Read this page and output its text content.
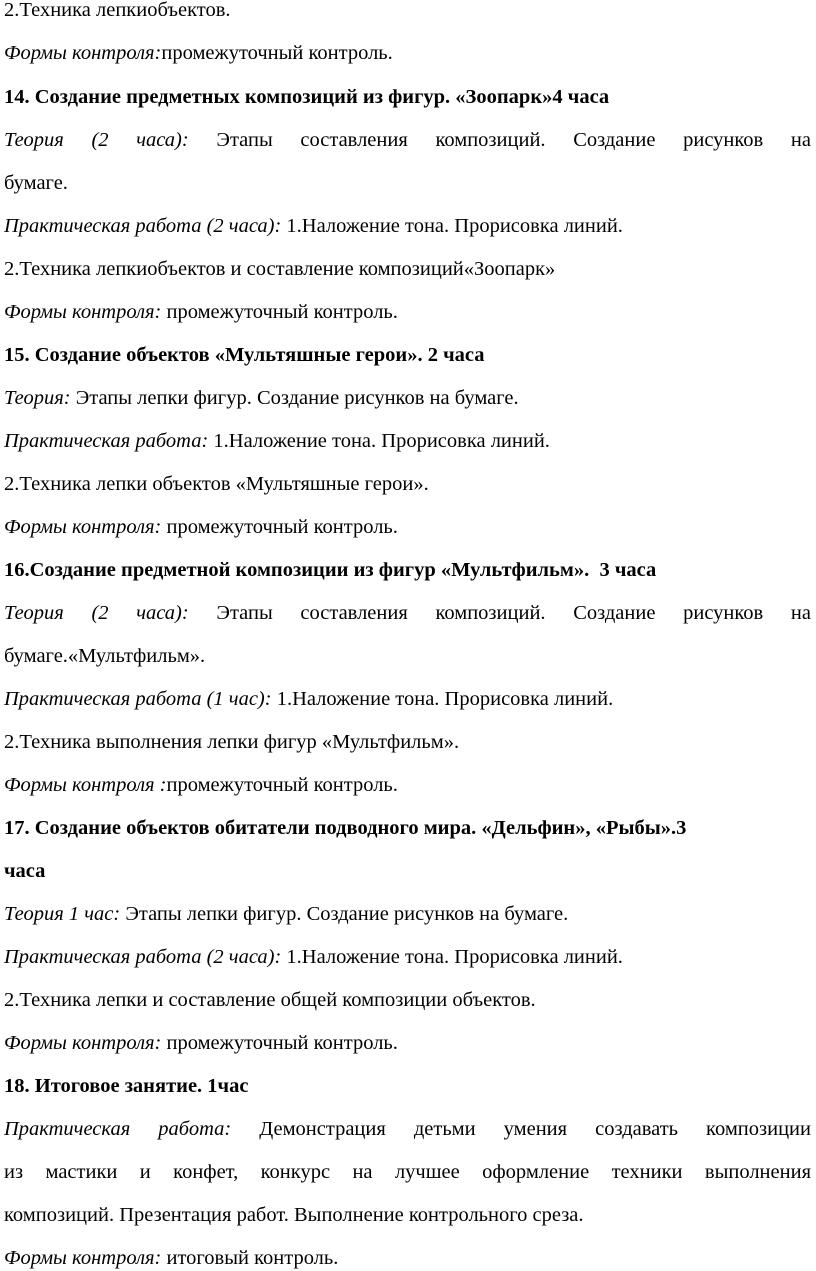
2.Техника лепкиобъектов.
Формы контроля:промежуточный контроль.
14. Создание предметных композиций из фигур. «Зоопарк»4 часа
Теория (2 часа): Этапы составления композиций. Создание рисунков на
бумаге.
Практическая работа (2 часа): 1.Наложение тона. Прорисовка линий.
2.Техника лепкиобъектов и составление композиций«Зоопарк»
Формы контроля: промежуточный контроль.
15. Создание объектов «Мультяшные герои». 2 часа
Теория: Этапы лепки фигур. Создание рисунков на бумаге.
Практическая работа: 1.Наложение тона. Прорисовка линий.
2.Техника лепки объектов «Мультяшные герои».
Формы контроля: промежуточный контроль.
16.Создание предметной композиции из фигур «Мультфильм».  3 часа
Теория (2 часа): Этапы составления композиций. Создание рисунков на
бумаге.«Мультфильм».
Практическая работа (1 час): 1.Наложение тона. Прорисовка линий.
2.Техника выполнения лепки фигур «Мультфильм».
Формы контроля :промежуточный контроль.
17. Создание объектов обитатели подводного мира. «Дельфин», «Рыбы».3
часа
Теория 1 час: Этапы лепки фигур. Создание рисунков на бумаге.
Практическая работа (2 часа): 1.Наложение тона. Прорисовка линий.
2.Техника лепки и составление общей композиции объектов.
Формы контроля: промежуточный контроль.
18. Итоговое занятие. 1час
Практическая работа: Демонстрация детьми умения создавать композиции
из мастики и конфет, конкурс на лучшее оформление техники выполнения
композиций. Презентация работ. Выполнение контрольного среза.
Формы контроля: итоговый контроль.
